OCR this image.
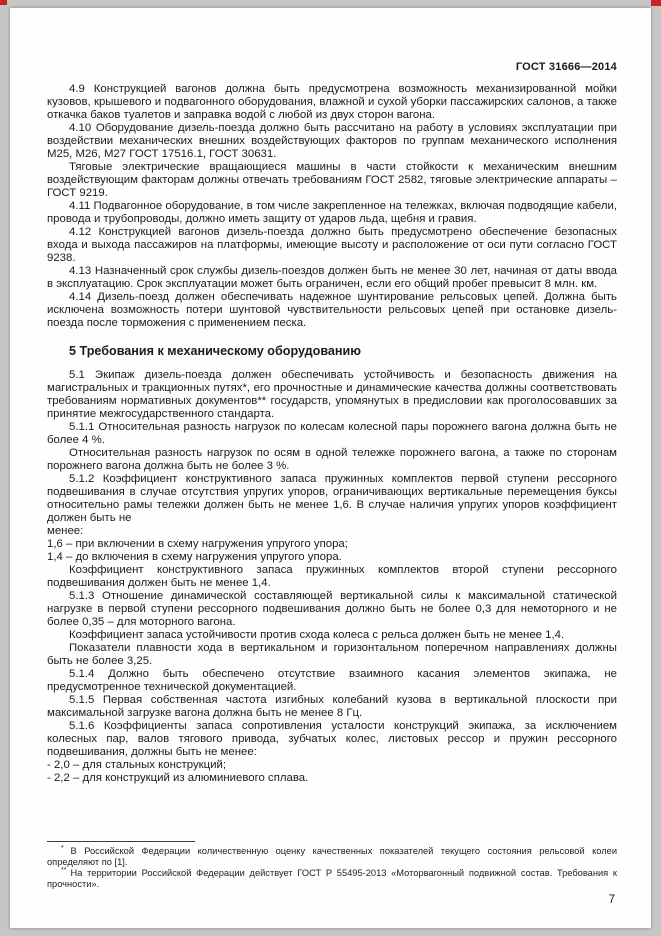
ГОСТ 31666—2014

4.9 Конструкцией вагонов должна быть предусмотрена возможность механизированной мойки кузовов, крышевого и подвагонного оборудования, влажной и сухой уборки пассажирских салонов, а также откачка баков туалетов и заправка водой с любой из двух сторон вагона.

4.10 Оборудование дизель-поезда должно быть рассчитано на работу в условиях эксплуатации при воздействии механических внешних воздействующих факторов по группам механического исполнения М25, М26, М27 ГОСТ 17516.1, ГОСТ 30631.

Тяговые электрические вращающиеся машины в части стойкости к механическим внешним воздействующим факторам должны отвечать требованиям ГОСТ 2582, тяговые электрические аппараты – ГОСТ 9219.

4.11 Подвагонное оборудование, в том числе закрепленное на тележках, включая подводящие кабели, провода и трубопроводы, должно иметь защиту от ударов льда, щебня и гравия.

4.12 Конструкцией вагонов дизель-поезда должно быть предусмотрено обеспечение безопасных входа и выхода пассажиров на платформы, имеющие высоту и расположение от оси пути согласно ГОСТ 9238.

4.13 Назначенный срок службы дизель-поездов должен быть не менее 30 лет, начиная от даты ввода в эксплуатацию. Срок эксплуатации может быть ограничен, если его общий пробег превысит 8 млн. км.

4.14 Дизель-поезд должен обеспечивать надежное шунтирование рельсовых цепей. Должна быть исключена возможность потери шунтовой чувствительности рельсовых цепей при остановке дизель-поезда после торможения с применением песка.

5 Требования к механическому оборудованию

5.1 Экипаж дизель-поезда должен обеспечивать устойчивость и безопасность движения на магистральных и тракционных путях*, его прочностные и динамические качества должны соответствовать требованиям нормативных документов** государств, упомянутых в предисловии как проголосовавших за принятие межгосударственного стандарта.

5.1.1 Относительная разность нагрузок по колесам колесной пары порожнего вагона должна быть не более 4 %.

Относительная разность нагрузок по осям в одной тележке порожнего вагона, а также по сторонам порожнего вагона должна быть не более 3 %.

5.1.2 Коэффициент конструктивного запаса пружинных комплектов первой ступени рессорного подвешивания в случае отсутствия упругих упоров, ограничивающих вертикальные перемещения буксы относительно рамы тележки должен быть не менее 1,6. В случае наличия упругих упоров коэффициент должен быть не

менее:

1,6 – при включении в схему нагружения упругого упора;

1,4 – до включения в схему нагружения упругого упора.

Коэффициент конструктивного запаса пружинных комплектов второй ступени рессорного подвешивания должен быть не менее 1,4.

5.1.3 Отношение динамической составляющей вертикальной силы к максимальной статической нагрузке в первой ступени рессорного подвешивания должно быть не более 0,3 для немоторного и не более 0,35 – для моторного вагона.

Коэффициент запаса устойчивости против схода колеса с рельса должен быть не менее 1,4.

Показатели плавности хода в вертикальном и горизонтальном поперечном направлениях должны быть не более 3,25.

5.1.4 Должно быть обеспечено отсутствие взаимного касания элементов экипажа, не предусмотренное технической документацией.

5.1.5 Первая собственная частота изгибных колебаний кузова в вертикальной плоскости при максимальной загрузке вагона должна быть не менее 8 Гц.

5.1.6 Коэффициенты запаса сопротивления усталости конструкций экипажа, за исключением колесных пар, валов тягового привода, зубчатых колес, листовых рессор и пружин рессорного подвешивания, должны быть не менее:

- 2,0 – для стальных конструкций;

- 2,2 – для конструкций из алюминиевого сплава.

* В Российской Федерации количественную оценку качественных показателей текущего состояния рельсовой колеи определяют по [1].

** На территории Российской Федерации действует ГОСТ Р 55495-2013 «Моторвагонный подвижной состав. Требования к прочности».

7
